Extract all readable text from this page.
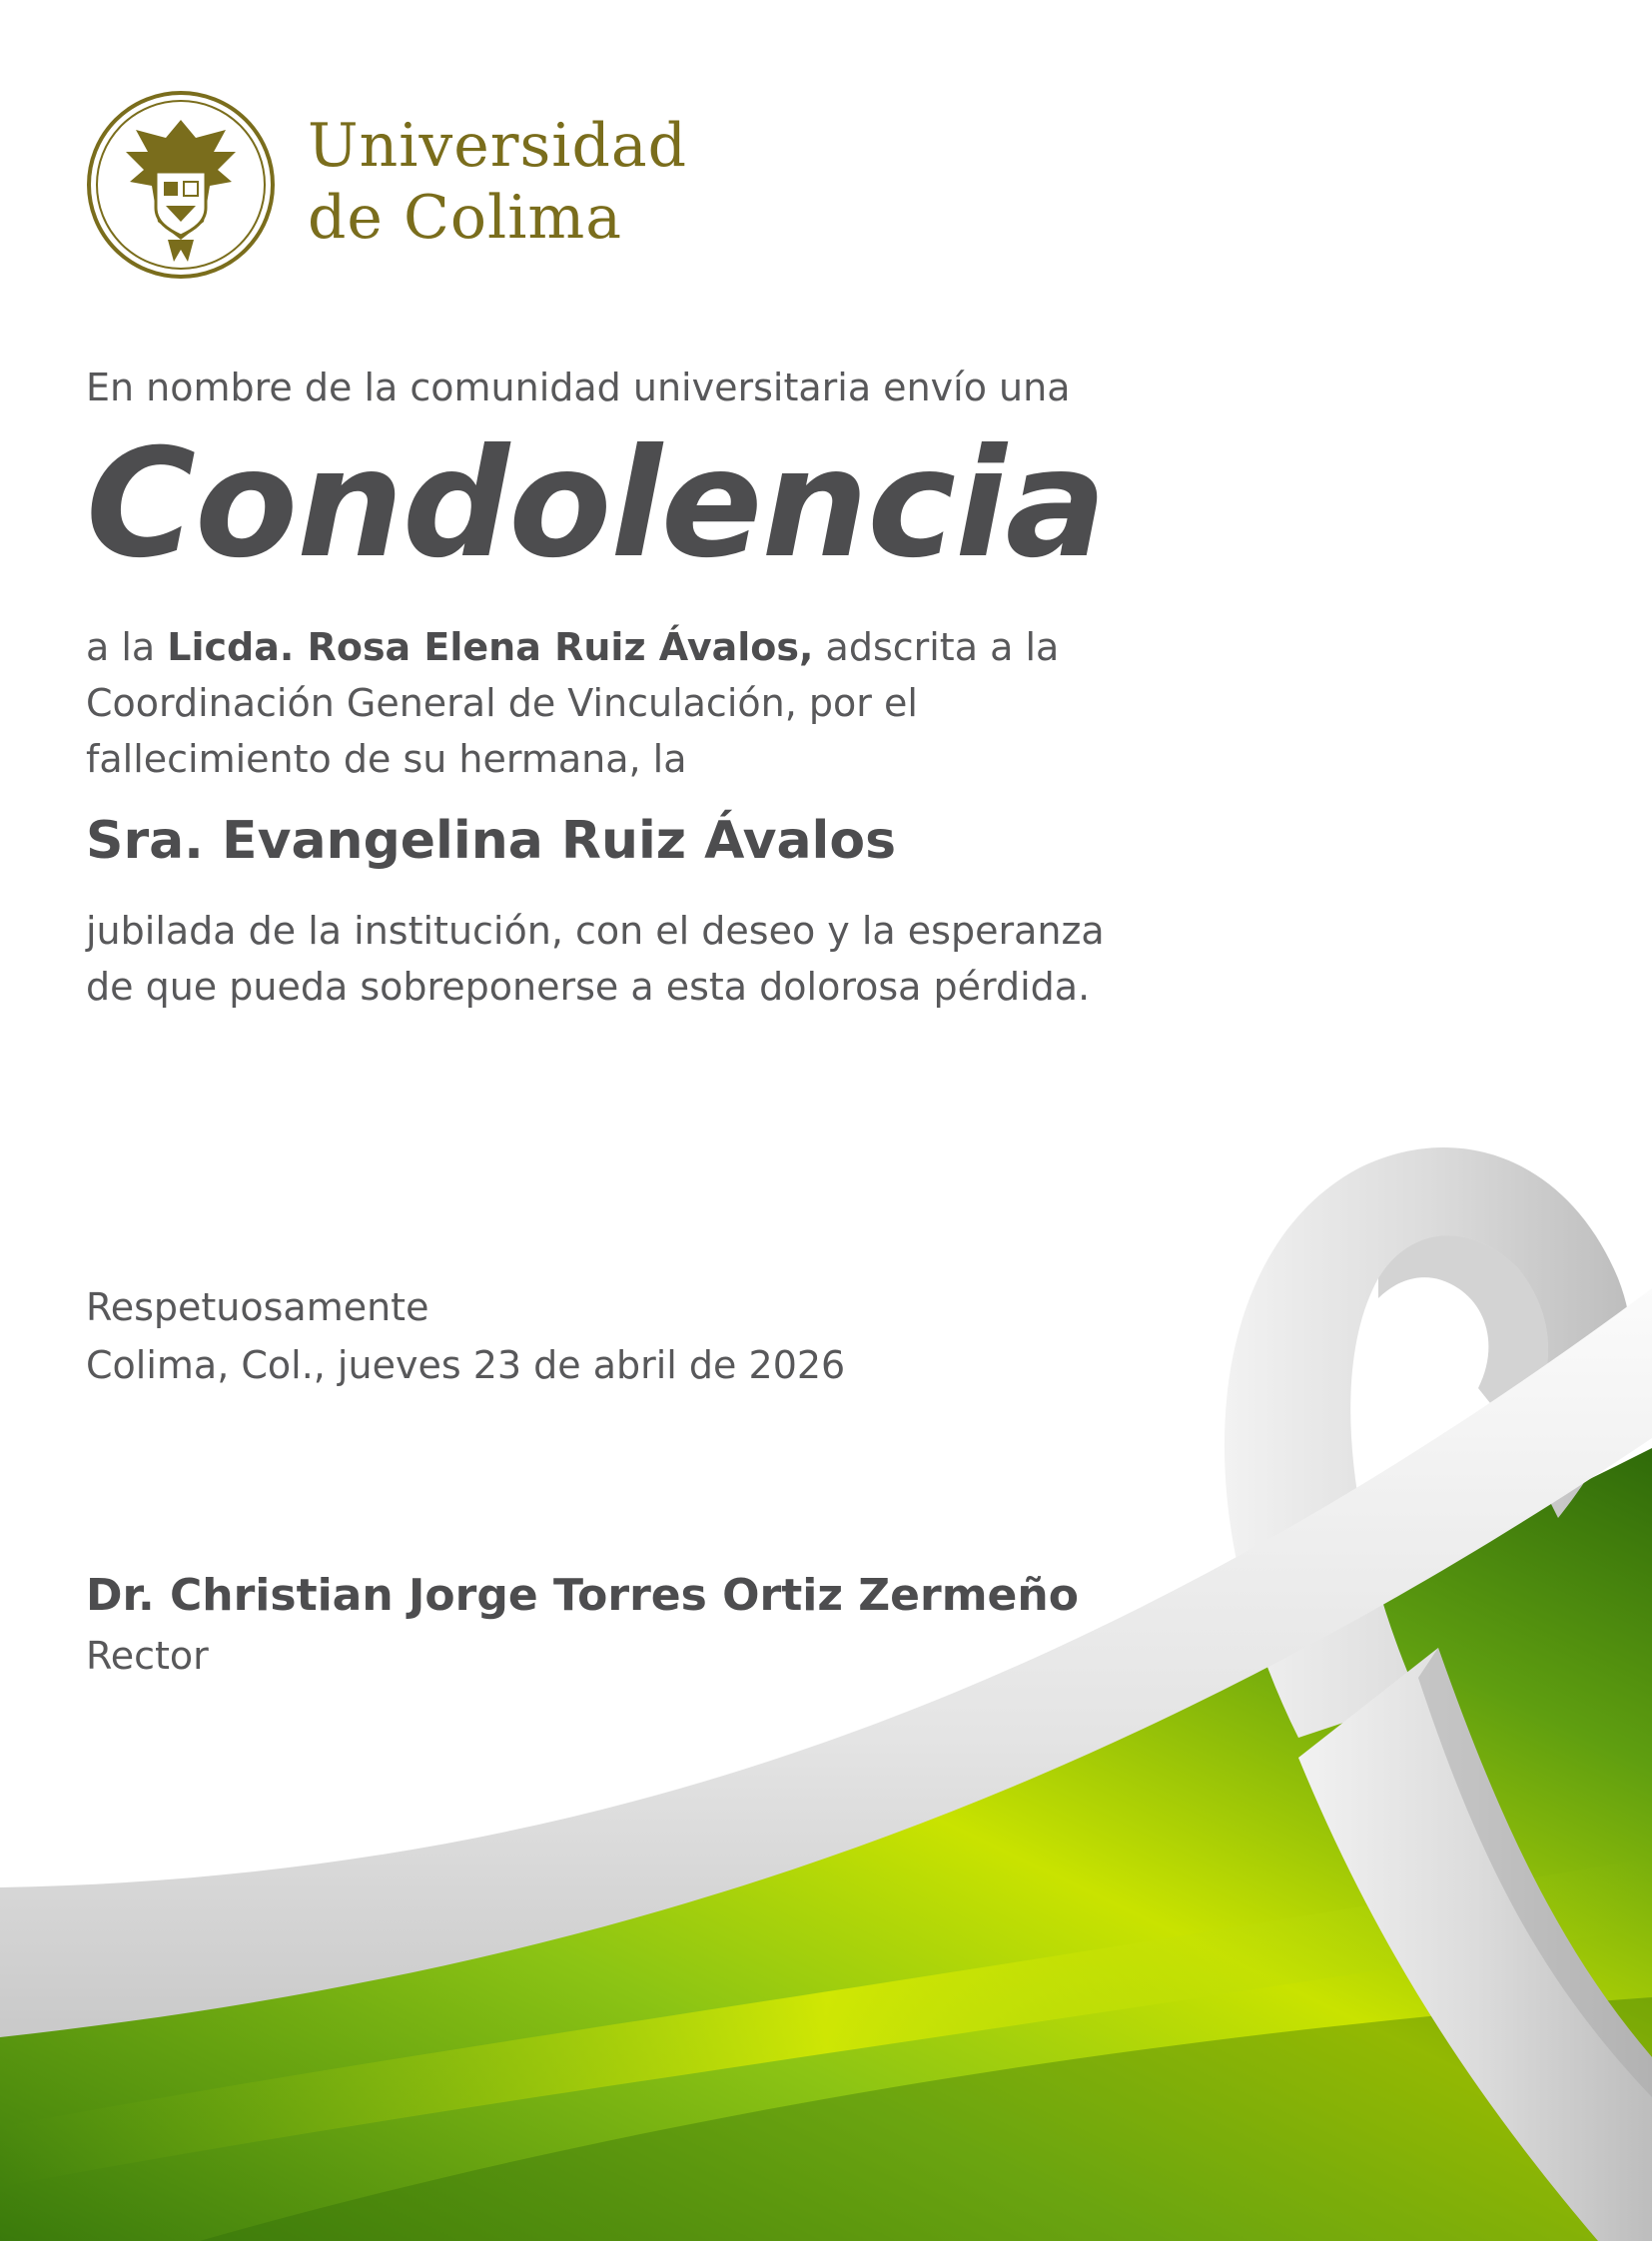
Universidad
de Colima
En nombre de la comunidad universitaria envío una
Condolencia
a la Licda. Rosa Elena Ruiz Ávalos, adscrita a la
Coordinación General de Vinculación, por el
fallecimiento de su hermana, la
Sra. Evangelina Ruiz Ávalos
jubilada de la institución, con el deseo y la esperanza
de que pueda sobreponerse a esta dolorosa pérdida.
Respetuosamente
Colima, Col., jueves 23 de abril de 2026
Dr. Christian Jorge Torres Ortiz Zermeño
Rector
